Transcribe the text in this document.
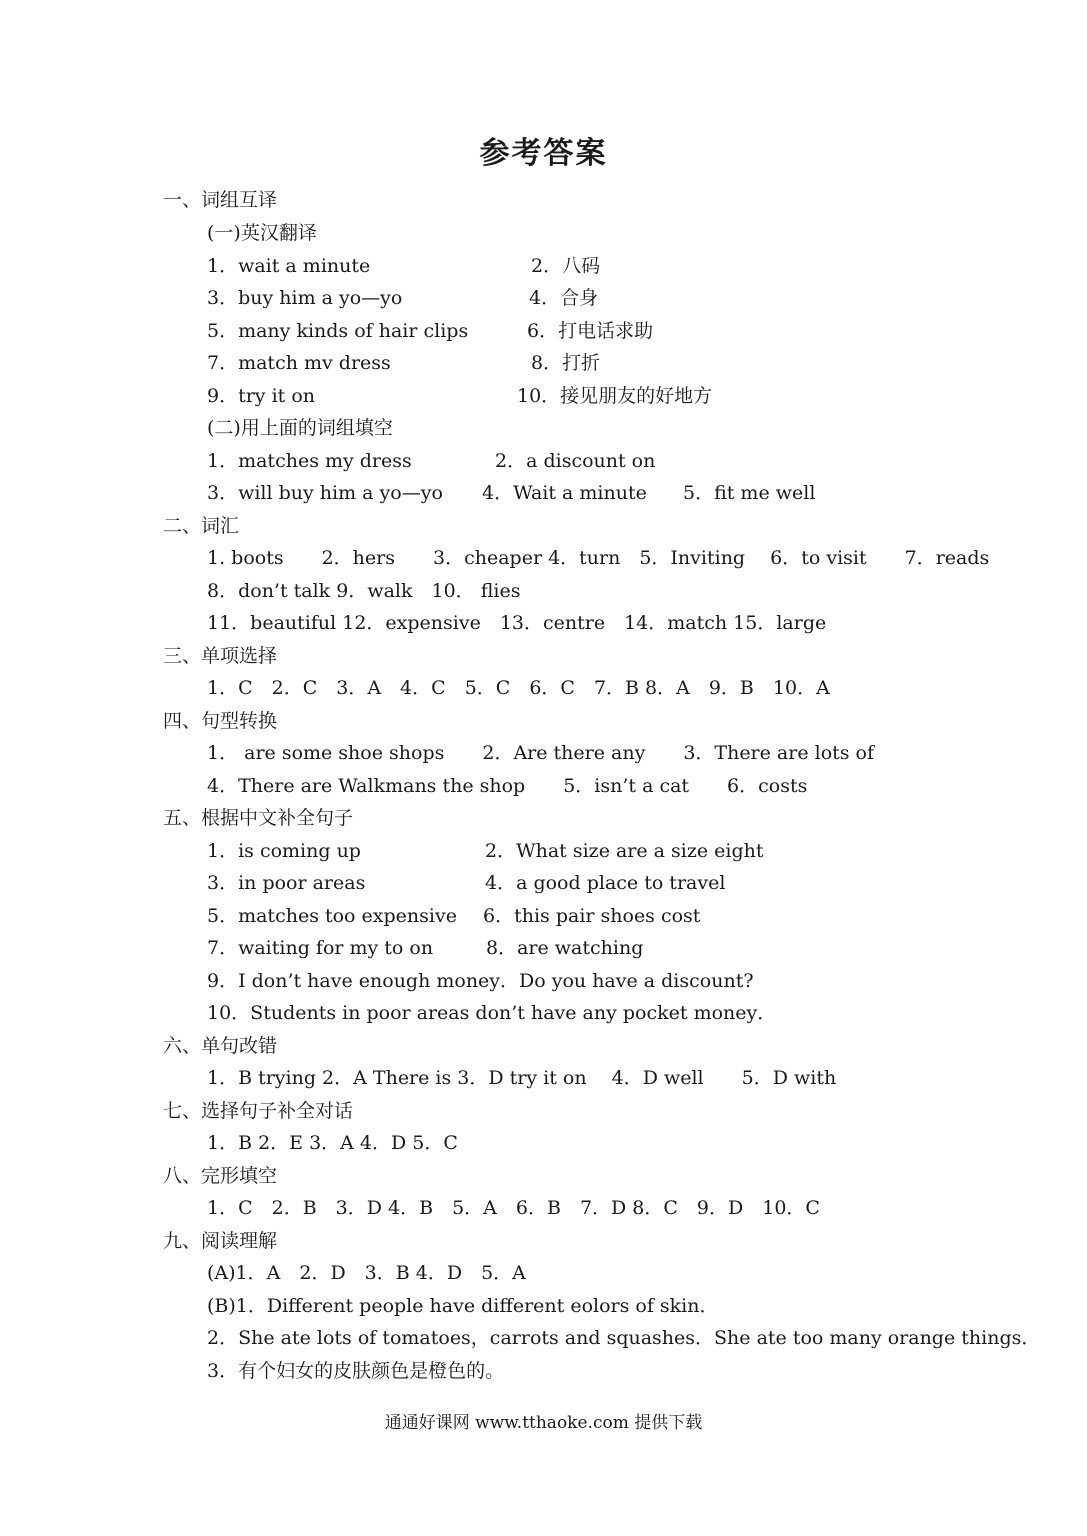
参考答案
一、词组互译
(一)英汉翻译
1．wait a minute	2．八码
3．buy him a yo—yo	4．合身
5．many kinds of hair clips	6．打电话求助
7．match mv dress	8．打折
9．try it on	10．接见朋友的好地方
(二)用上面的词组填空
1．matches my dress	2．a discount on
3．will buy him a yo—yo 4．Wait a minute 5．fit me well
二、词汇
1. boots　　2．hers　　3．cheaper 4．turn　5．Inviting　 6．to visit　　7．reads
8．don’t talk 9．walk　10． flies
11．beautiful 12．expensive　13．centre　14．match 15．large
三、单项选择
1．C　2．C　3．A　4．C　5．C　6．C　7．B 8．A　9．B　10．A
四、句型转换
1． are some shoe shops　　2．Are there any　　3．There are lots of
4．There are Walkmans the shop　　5．isn’t a cat　　6．costs
五、根据中文补全句子
1．is coming up	2．What size are a size eight
3．in poor areas	4．a good place to travel
5．matches too expensive 6．this pair shoes cost
7．waiting for my to on	8．are watching
9．I don’t have enough money．Do you have a discount?
10．Students in poor areas don’t have any pocket money．
六、单句改错
1．B trying 2．A There is 3．D try it on　 4．D well　　5．D with
七、选择句子补全对话
1．B 2．E 3．A 4．D 5．C
八、完形填空
1．C　2．B　3．D 4．B　5．A　6．B　7．D 8．C　9．D　10．C
九、阅读理解
(A)1．A　2．D　3．B 4．D　5．A
(B)1．Different people have different eolors of skin．
2．She ate lots of tomatoes，carrots and squashes．She ate too many orange things．
3．有个妇女的皮肤颜色是橙色的。
通通好课网 www.tthaoke.com 提供下载
